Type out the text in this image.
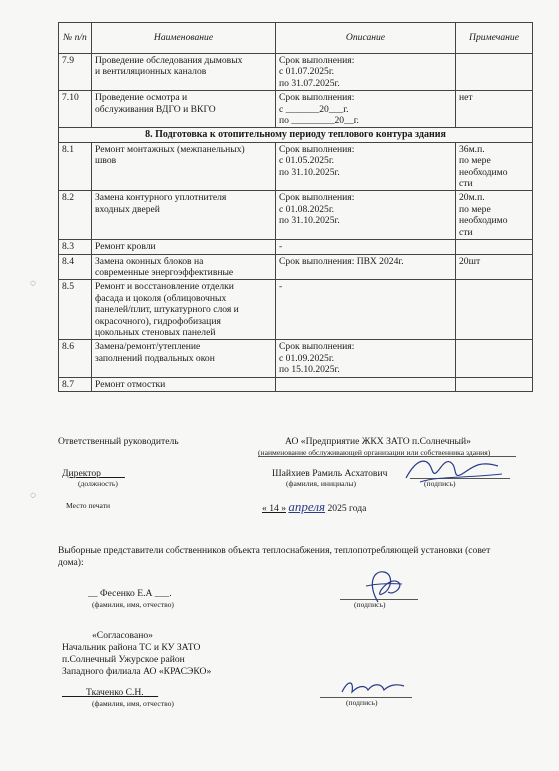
№ п/п	Наименование	Описание	Примечание
7.9	Проведение обследования дымовых
и вентиляционных каналов	Срок выполнения:
с 01.07.2025г.
по 31.07.2025г.	

7.10	Проведение осмотра и
обслуживания ВДГО и ВКГО	Срок выполнения:
с _______20___г.
по _________20__г.	нет

8. Подготовка к отопительному периоду теплового контура здания			
8.1	Ремонт монтажных (межпанельных)
швов	Срок выполнения:
с 01.05.2025г.
по 31.10.2025г.	36м.п.
по мере
необходимо
сти

8.2	Замена контурного уплотнителя
входных дверей	Срок выполнения:
с 01.08.2025г.
по 31.10.2025г.	20м.п.
по мере
необходимо
сти

8.3	Ремонт кровли	-	

8.4	Замена оконных блоков на
современные энергоэффективные	Срок выполнения: ПВХ 2024г.	20шт

8.5	Ремонт и восстановление отделки
фасада и цоколя (облицовочных
панелей/плит, штукатурного слоя и
окрасочного), гидрофобизация
цокольных стеновых панелей	-	

8.6	Замена/ремонт/утепление
заполнений подвальных окон	Срок выполнения:
с 01.09.2025г.
по 15.10.2025г.	

8.7	Ремонт отмостки		

◌
◌
Ответственный руководитель	АО «Предприятие ЖКХ ЗАТО п.Солнечный»
(наименование обслуживающей организации или собственника здания)
Директор
(должность)
Шайхиев Рамиль Асхатович
(фамилия, инициалы)	(подпись)
Место печати	« 14 » апреля 2025 года
Выборные представители собственников объекта теплоснабжения, теплопотребляющей установки (совет
дома):
__ Фесенко Е.А ___.
(фамилия, имя, отчество)	(подпись)
«Согласовано»
Начальник района ТС и КУ ЗАТО
п.Солнечный Ужурское район
Западного филиала АО «КРАСЭКО»
Ткаченко С.Н.
(фамилия, имя, отчество)	(подпись)
